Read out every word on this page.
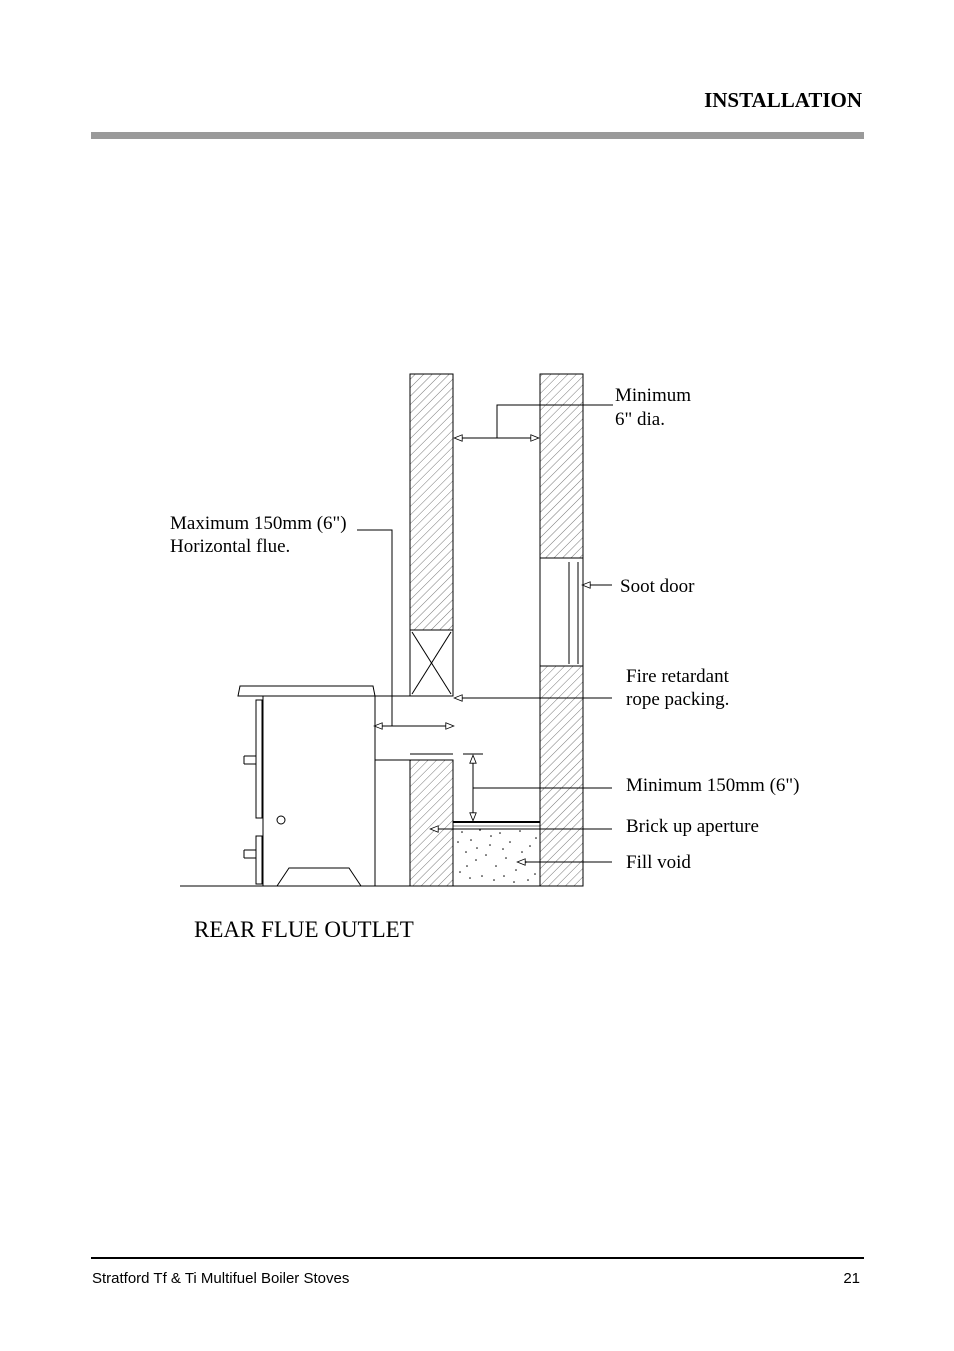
INSTALLATION
Minimum
6" dia.
Maximum 150mm (6")
Horizontal flue.
Soot door
Fire retardant
rope packing.
Minimum 150mm (6")
Brick up aperture
Fill void
REAR FLUE OUTLET
Stratford Tf & Ti Multifuel Boiler Stoves	21
